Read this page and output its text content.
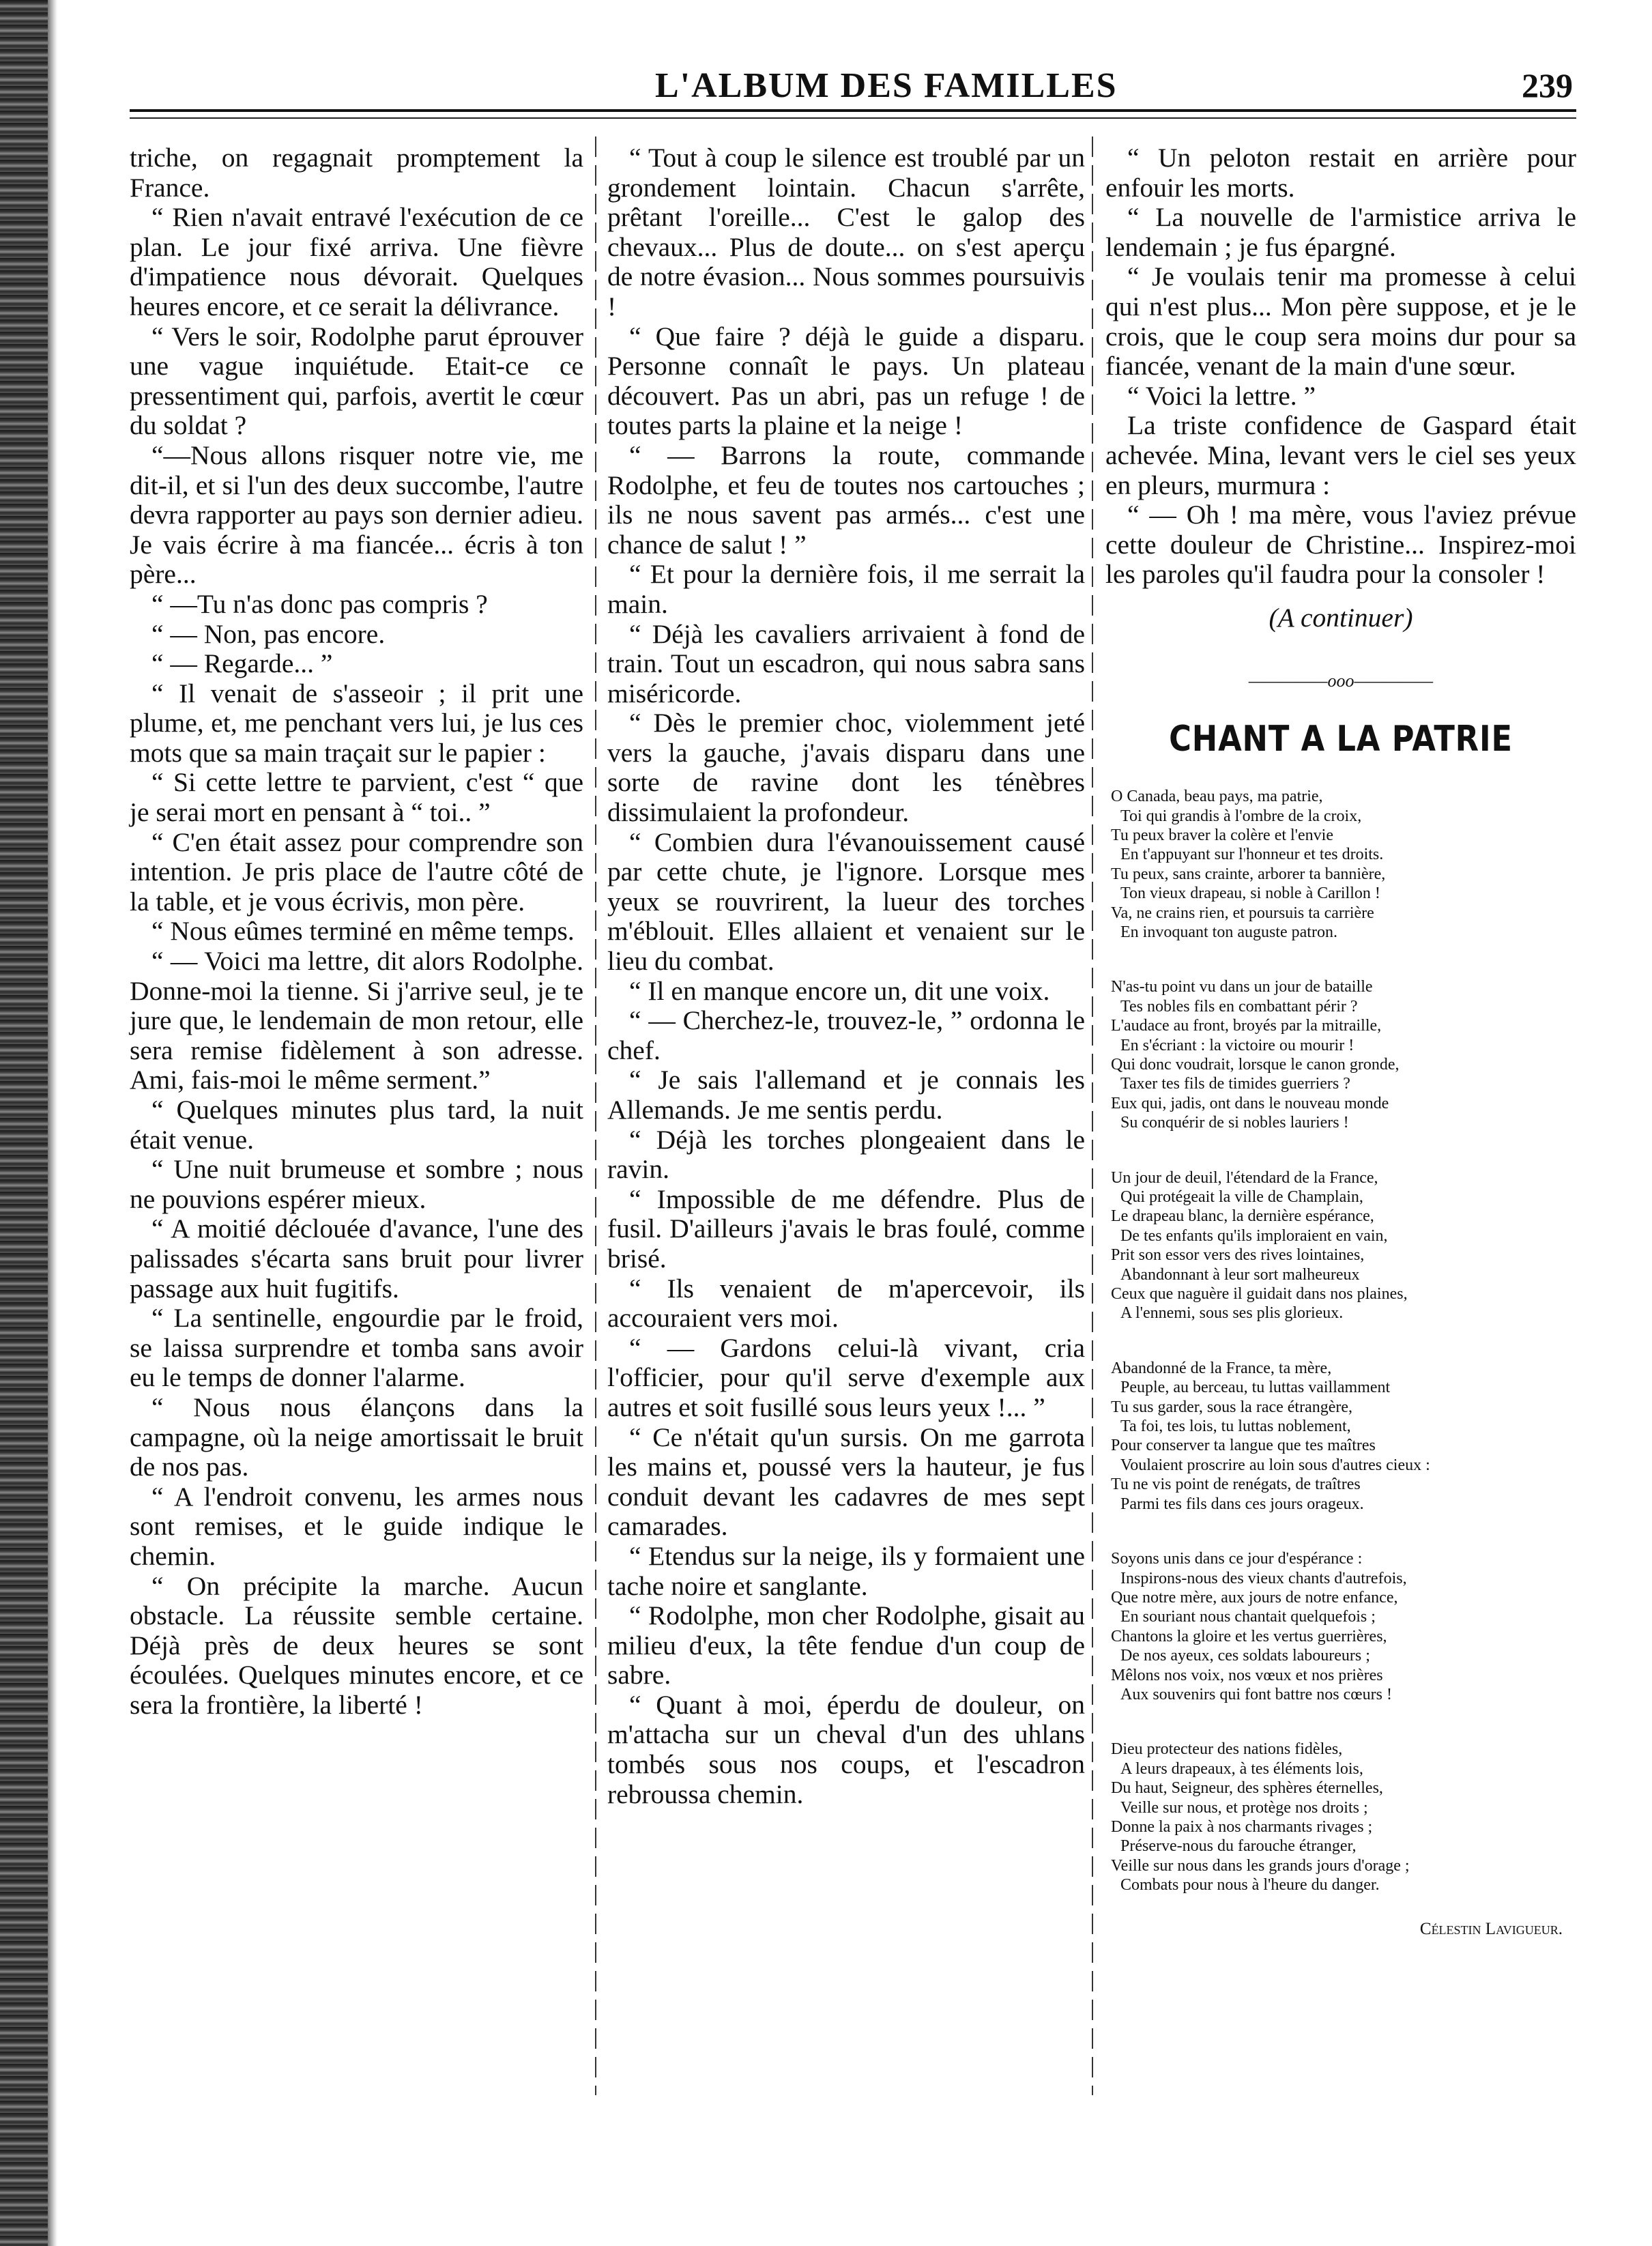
L'ALBUM DES FAMILLES	239

triche, on regagnait promptement la France.

“ Rien n'avait entravé l'exécution de ce plan. Le jour fixé arriva. Une fièvre d'impatience nous dévorait. Quelques heures encore, et ce serait la délivrance.

“ Vers le soir, Rodolphe parut éprouver une vague inquiétude. Etait-ce ce pressentiment qui, parfois, avertit le cœur du soldat ?

“—Nous allons risquer notre vie, me dit-il, et si l'un des deux succombe, l'autre devra rapporter au pays son dernier adieu. Je vais écrire à ma fiancée... écris à ton père...

“ —Tu n'as donc pas compris ?

“ — Non, pas encore.

“ — Regarde... ”

“ Il venait de s'asseoir ; il prit une plume, et, me penchant vers lui, je lus ces mots que sa main traçait sur le papier :

“ Si cette lettre te parvient, c'est “ que je serai mort en pensant à “ toi.. ”

“ C'en était assez pour comprendre son intention. Je pris place de l'autre côté de la table, et je vous écrivis, mon père.

“ Nous eûmes terminé en même temps.

“ — Voici ma lettre, dit alors Rodolphe. Donne-moi la tienne. Si j'arrive seul, je te jure que, le lendemain de mon retour, elle sera remise fidèlement à son adresse. Ami, fais-moi le même serment.”

“ Quelques minutes plus tard, la nuit était venue.

“ Une nuit brumeuse et sombre ; nous ne pouvions espérer mieux.

“ A moitié déclouée d'avance, l'une des palissades s'écarta sans bruit pour livrer passage aux huit fugitifs.

“ La sentinelle, engourdie par le froid, se laissa surprendre et tomba sans avoir eu le temps de donner l'alarme.

“ Nous nous élançons dans la campagne, où la neige amortissait le bruit de nos pas.

“ A l'endroit convenu, les armes nous sont remises, et le guide indique le chemin.

“ On précipite la marche. Aucun obstacle. La réussite semble certaine. Déjà près de deux heures se sont écoulées. Quelques minutes encore, et ce sera la frontière, la liberté !

“ Tout à coup le silence est troublé par un grondement lointain. Chacun s'arrête, prêtant l'oreille... C'est le galop des chevaux... Plus de doute... on s'est aperçu de notre évasion... Nous sommes poursuivis !

“ Que faire ? déjà le guide a disparu. Personne connaît le pays. Un plateau découvert. Pas un abri, pas un refuge ! de toutes parts la plaine et la neige !

“ — Barrons la route, commande Rodolphe, et feu de toutes nos cartouches ; ils ne nous savent pas armés... c'est une chance de salut ! ”

“ Et pour la dernière fois, il me serrait la main.

“ Déjà les cavaliers arrivaient à fond de train. Tout un escadron, qui nous sabra sans miséricorde.

“ Dès le premier choc, violemment jeté vers la gauche, j'avais disparu dans une sorte de ravine dont les ténèbres dissimulaient la profondeur.

“ Combien dura l'évanouissement causé par cette chute, je l'ignore. Lorsque mes yeux se rouvrirent, la lueur des torches m'éblouit. Elles allaient et venaient sur le lieu du combat.

“ Il en manque encore un, dit une voix.

“ — Cherchez-le, trouvez-le, ” ordonna le chef.

“ Je sais l'allemand et je connais les Allemands. Je me sentis perdu.

“ Déjà les torches plongeaient dans le ravin.

“ Impossible de me défendre. Plus de fusil. D'ailleurs j'avais le bras foulé, comme brisé.

“ Ils venaient de m'apercevoir, ils accouraient vers moi.

“ — Gardons celui-là vivant, cria l'officier, pour qu'il serve d'exemple aux autres et soit fusillé sous leurs yeux !... ”

“ Ce n'était qu'un sursis. On me garrota les mains et, poussé vers la hauteur, je fus conduit devant les cadavres de mes sept camarades.

“ Etendus sur la neige, ils y formaient une tache noire et sanglante.

“ Rodolphe, mon cher Rodolphe, gisait au milieu d'eux, la tête fendue d'un coup de sabre.

“ Quant à moi, éperdu de douleur, on m'attacha sur un cheval d'un des uhlans tombés sous nos coups, et l'escadron rebroussa chemin.

“ Un peloton restait en arrière pour enfouir les morts.

“ La nouvelle de l'armistice arriva le lendemain ; je fus épargné.

“ Je voulais tenir ma promesse à celui qui n'est plus... Mon père suppose, et je le crois, que le coup sera moins dur pour sa fiancée, venant de la main d'une sœur.

“ Voici la lettre. ”

La triste confidence de Gaspard était achevée. Mina, levant vers le ciel ses yeux en pleurs, murmura :

“ — Oh ! ma mère, vous l'aviez prévue cette douleur de Christine... Inspirez-moi les paroles qu'il faudra pour la consoler !

(A continuer)

—————ooo—————

CHANT A LA PATRIE

O Canada, beau pays, ma patrie,
Toi qui grandis à l'ombre de la croix,
Tu peux braver la colère et l'envie
En t'appuyant sur l'honneur et tes droits.
Tu peux, sans crainte, arborer ta bannière,
Ton vieux drapeau, si noble à Carillon !
Va, ne crains rien, et poursuis ta carrière
En invoquant ton auguste patron.
N'as-tu point vu dans un jour de bataille
Tes nobles fils en combattant périr ?
L'audace au front, broyés par la mitraille,
En s'écriant : la victoire ou mourir !
Qui donc voudrait, lorsque le canon gronde,
Taxer tes fils de timides guerriers ?
Eux qui, jadis, ont dans le nouveau monde
Su conquérir de si nobles lauriers !
Un jour de deuil, l'étendard de la France,
Qui protégeait la ville de Champlain,
Le drapeau blanc, la dernière espérance,
De tes enfants qu'ils imploraient en vain,
Prit son essor vers des rives lointaines,
Abandonnant à leur sort malheureux
Ceux que naguère il guidait dans nos plaines,
A l'ennemi, sous ses plis glorieux.
Abandonné de la France, ta mère,
Peuple, au berceau, tu luttas vaillamment
Tu sus garder, sous la race étrangère,
Ta foi, tes lois, tu luttas noblement,
Pour conserver ta langue que tes maîtres
Voulaient proscrire au loin sous d'autres cieux :
Tu ne vis point de renégats, de traîtres
Parmi tes fils dans ces jours orageux.
Soyons unis dans ce jour d'espérance :
Inspirons-nous des vieux chants d'autrefois,
Que notre mère, aux jours de notre enfance,
En souriant nous chantait quelquefois ;
Chantons la gloire et les vertus guerrières,
De nos ayeux, ces soldats laboureurs ;
Mêlons nos voix, nos vœux et nos prières
Aux souvenirs qui font battre nos cœurs !
Dieu protecteur des nations fidèles,
A leurs drapeaux, à tes éléments lois,
Du haut, Seigneur, des sphères éternelles,
Veille sur nous, et protège nos droits ;
Donne la paix à nos charmants rivages ;
Préserve-nous du farouche étranger,
Veille sur nous dans les grands jours d'orage ;
Combats pour nous à l'heure du danger.

Célestin Lavigueur.
